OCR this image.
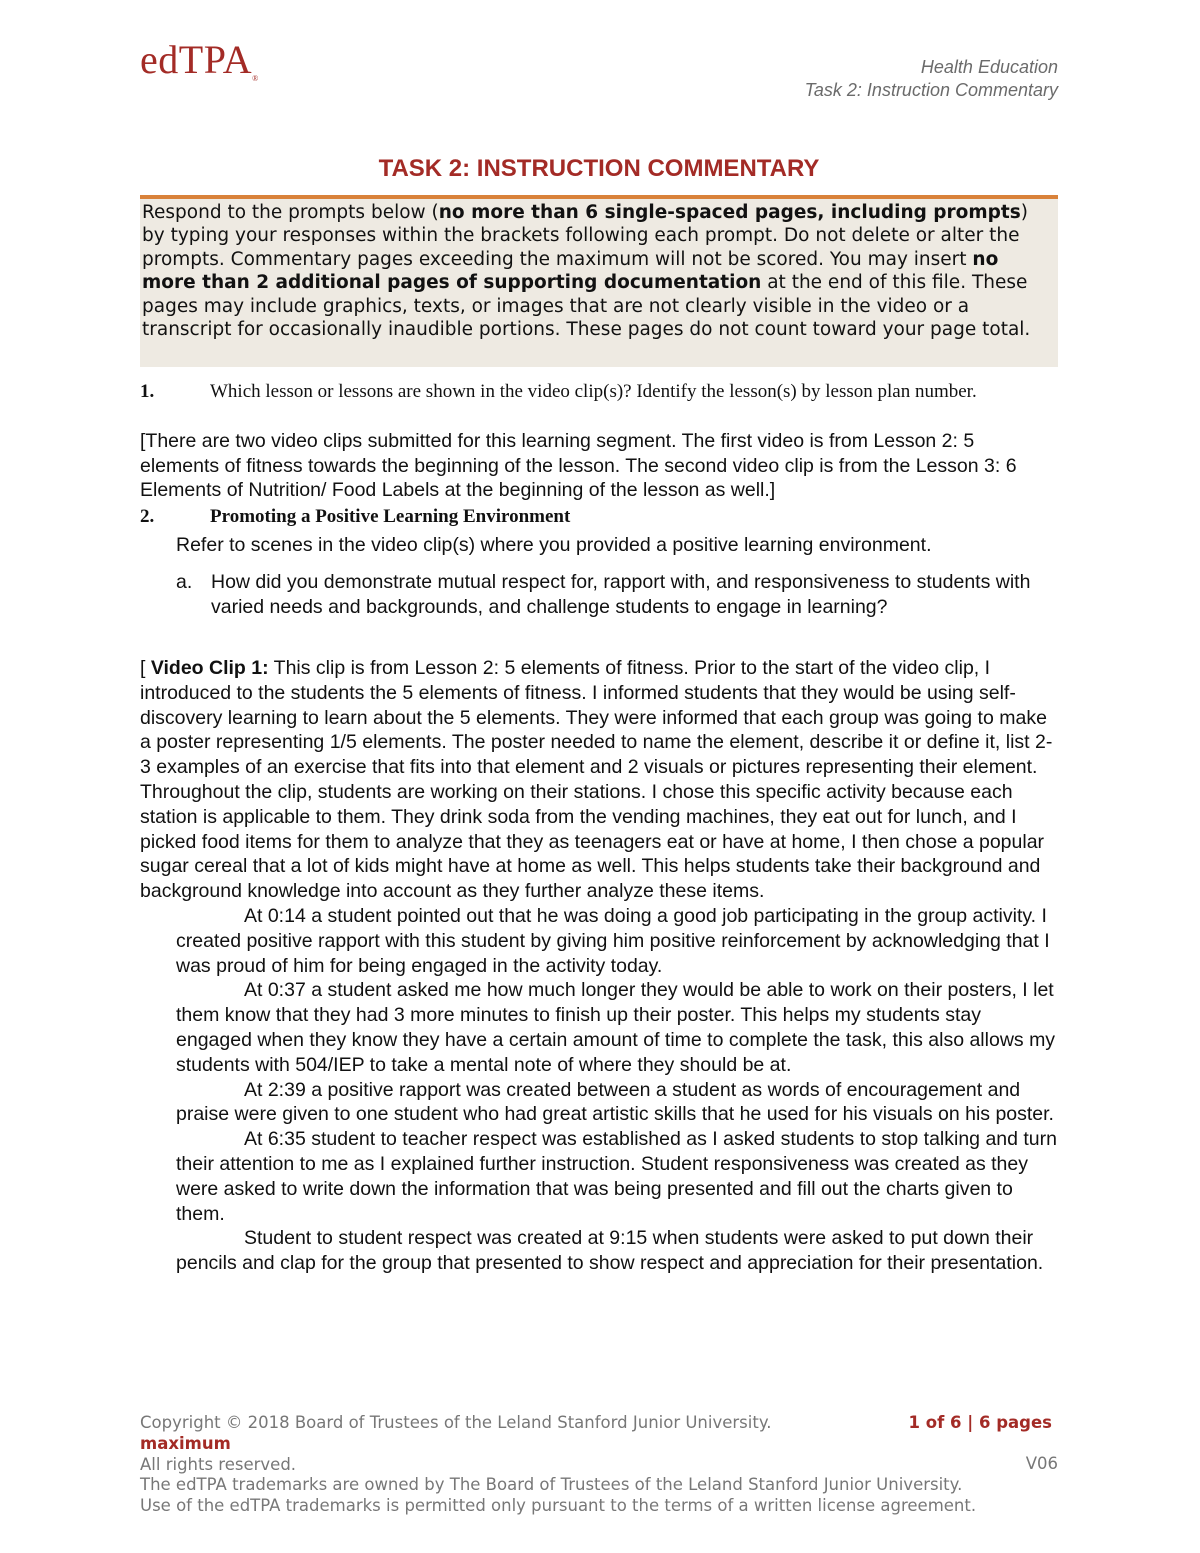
edTPA®
Health Education
Task 2: Instruction Commentary
TASK 2: INSTRUCTION COMMENTARY
Respond to the prompts below (no more than 6 single-spaced pages, including prompts) by typing your responses within the brackets following each prompt. Do not delete or alter the prompts. Commentary pages exceeding the maximum will not be scored. You may insert no more than 2 additional pages of supporting documentation at the end of this file. These pages may include graphics, texts, or images that are not clearly visible in the video or a transcript for occasionally inaudible portions. These pages do not count toward your page total.
1.	Which lesson or lessons are shown in the video clip(s)? Identify the lesson(s) by lesson plan number.
[There are two video clips submitted for this learning segment. The first video is from Lesson 2: 5 elements of fitness towards the beginning of the lesson. The second video clip is from the Lesson 3: 6 Elements of Nutrition/ Food Labels at the beginning of the lesson as well.]
2.	Promoting a Positive Learning Environment
Refer to scenes in the video clip(s) where you provided a positive learning environment.
a. How did you demonstrate mutual respect for, rapport with, and responsiveness to students with varied needs and backgrounds, and challenge students to engage in learning?
[ Video Clip 1: This clip is from Lesson 2: 5 elements of fitness. Prior to the start of the video clip, I introduced to the students the 5 elements of fitness. I informed students that they would be using self-discovery learning to learn about the 5 elements. They were informed that each group was going to make a poster representing 1/5 elements. The poster needed to name the element, describe it or define it, list 2-3 examples of an exercise that fits into that element and 2 visuals or pictures representing their element. Throughout the clip, students are working on their stations. I chose this specific activity because each station is applicable to them. They drink soda from the vending machines, they eat out for lunch, and I picked food items for them to analyze that they as teenagers eat or have at home, I then chose a popular sugar cereal that a lot of kids might have at home as well. This helps students take their background and background knowledge into account as they further analyze these items.
At 0:14 a student pointed out that he was doing a good job participating in the group activity. I created positive rapport with this student by giving him positive reinforcement by acknowledging that I was proud of him for being engaged in the activity today.
At 0:37 a student asked me how much longer they would be able to work on their posters, I let them know that they had 3 more minutes to finish up their poster. This helps my students stay engaged when they know they have a certain amount of time to complete the task, this also allows my students with 504/IEP to take a mental note of where they should be at.
At 2:39 a positive rapport was created between a student as words of encouragement and praise were given to one student who had great artistic skills that he used for his visuals on his poster.
At 6:35 student to teacher respect was established as I asked students to stop talking and turn their attention to me as I explained further instruction. Student responsiveness was created as they were asked to write down the information that was being presented and fill out the charts given to them.
Student to student respect was created at 9:15 when students were asked to put down their pencils and clap for the group that presented to show respect and appreciation for their presentation.
Copyright © 2018 Board of Trustees of the Leland Stanford Junior University.
maximum
All rights reserved.
The edTPA trademarks are owned by The Board of Trustees of the Leland Stanford Junior University.
Use of the edTPA trademarks is permitted only pursuant to the terms of a written license agreement.
1 of 6 | 6 pages
V06
